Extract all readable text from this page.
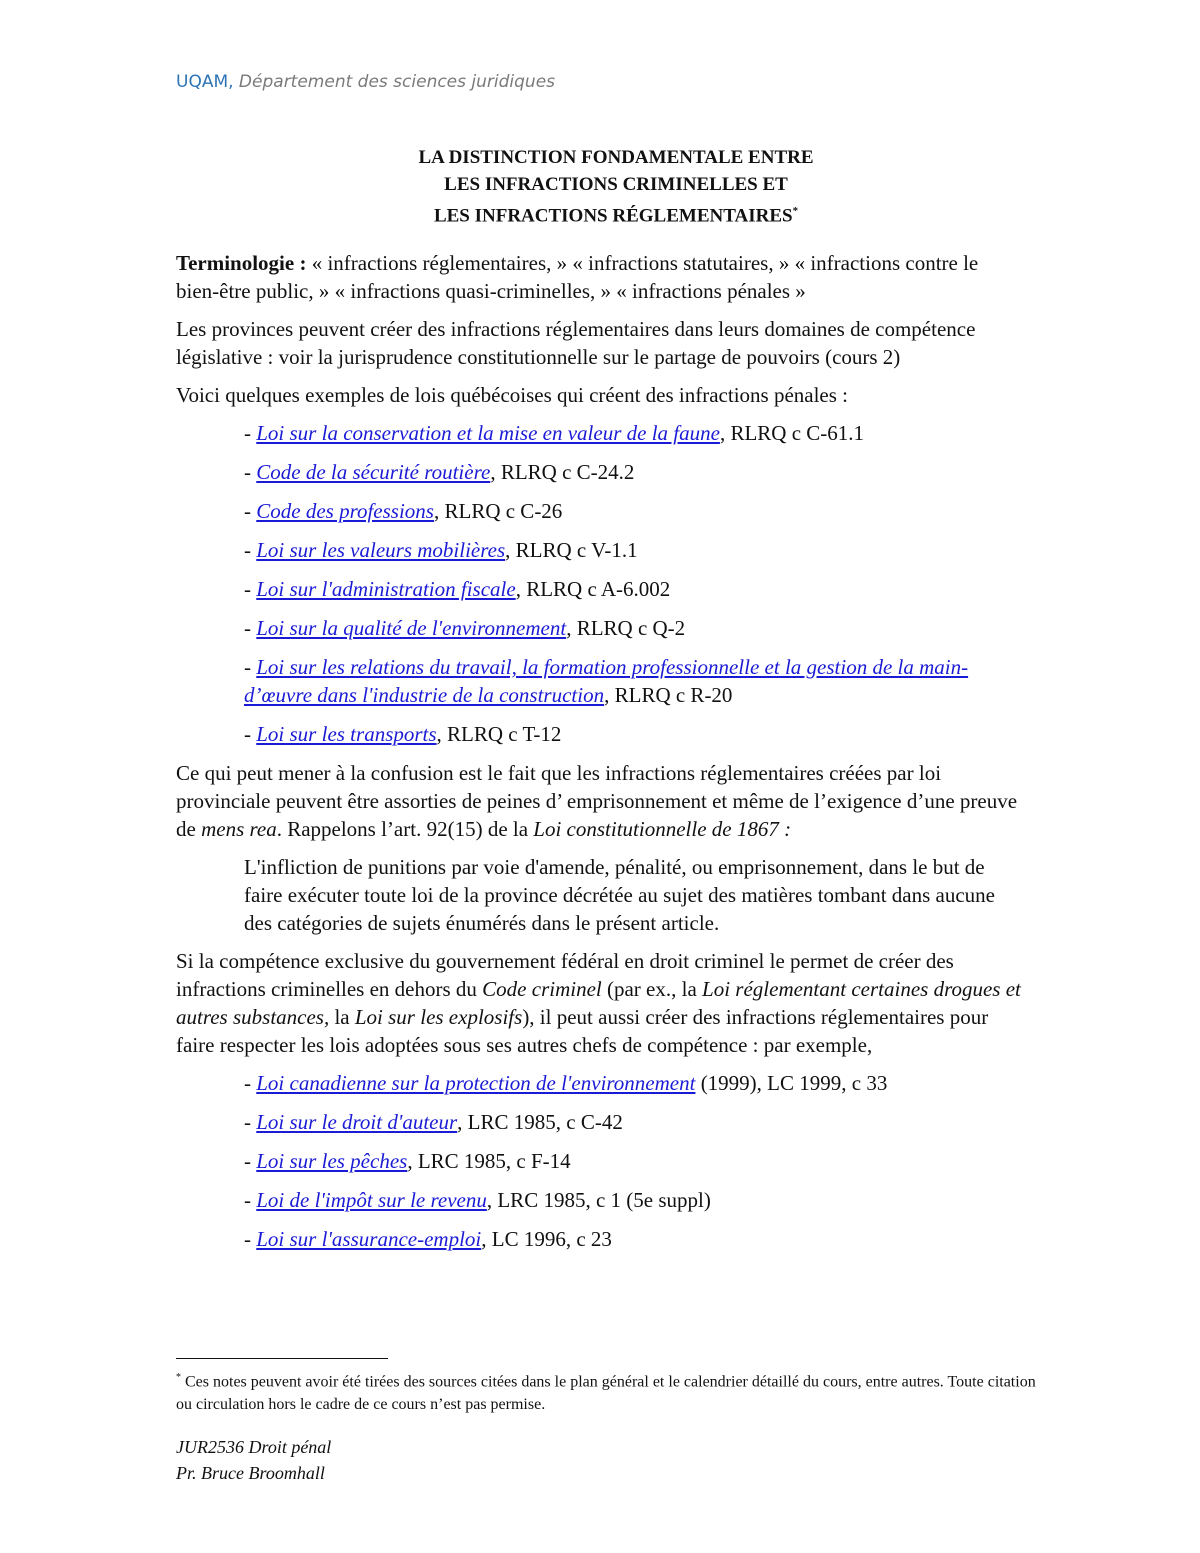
UQAM, Département des sciences juridiques
LA DISTINCTION FONDAMENTALE ENTRE
LES INFRACTIONS CRIMINELLES ET
LES INFRACTIONS RÉGLEMENTAIRES*

Terminologie : « infractions réglementaires, » « infractions statutaires, » « infractions contre le bien-être public, » « infractions quasi-criminelles, » « infractions pénales »

Les provinces peuvent créer des infractions réglementaires dans leurs domaines de compétence législative : voir la jurisprudence constitutionnelle sur le partage de pouvoirs (cours 2)

Voici quelques exemples de lois québécoises qui créent des infractions pénales :

- Loi sur la conservation et la mise en valeur de la faune, RLRQ c C-61.1
- Code de la sécurité routière, RLRQ c C-24.2
- Code des professions, RLRQ c C-26
- Loi sur les valeurs mobilières, RLRQ c V-1.1
- Loi sur l'administration fiscale, RLRQ c A-6.002
- Loi sur la qualité de l'environnement, RLRQ c Q-2
- Loi sur les relations du travail, la formation professionnelle et la gestion de la main-d’œuvre dans l'industrie de la construction, RLRQ c R-20
- Loi sur les transports, RLRQ c T-12

Ce qui peut mener à la confusion est le fait que les infractions réglementaires créées par loi provinciale peuvent être assorties de peines d’ emprisonnement et même de l’exigence d’une preuve de mens rea. Rappelons l’art. 92(15) de la Loi constitutionnelle de 1867 :

L'infliction de punitions par voie d'amende, pénalité, ou emprisonnement, dans le but de faire exécuter toute loi de la province décrétée au sujet des matières tombant dans aucune des catégories de sujets énumérés dans le présent article.

Si la compétence exclusive du gouvernement fédéral en droit criminel le permet de créer des infractions criminelles en dehors du Code criminel (par ex., la Loi réglementant certaines drogues et autres substances, la Loi sur les explosifs), il peut aussi créer des infractions réglementaires pour faire respecter les lois adoptées sous ses autres chefs de compétence : par exemple,

- Loi canadienne sur la protection de l'environnement (1999), LC 1999, c 33
- Loi sur le droit d'auteur, LRC 1985, c C-42
- Loi sur les pêches, LRC 1985, c F-14
- Loi de l'impôt sur le revenu, LRC 1985, c 1 (5e suppl)
- Loi sur l'assurance-emploi, LC 1996, c 23
* Ces notes peuvent avoir été tirées des sources citées dans le plan général et le calendrier détaillé du cours, entre autres. Toute citation ou circulation hors le cadre de ce cours n’est pas permise.
JUR2536 Droit pénal
Pr. Bruce Broomhall
